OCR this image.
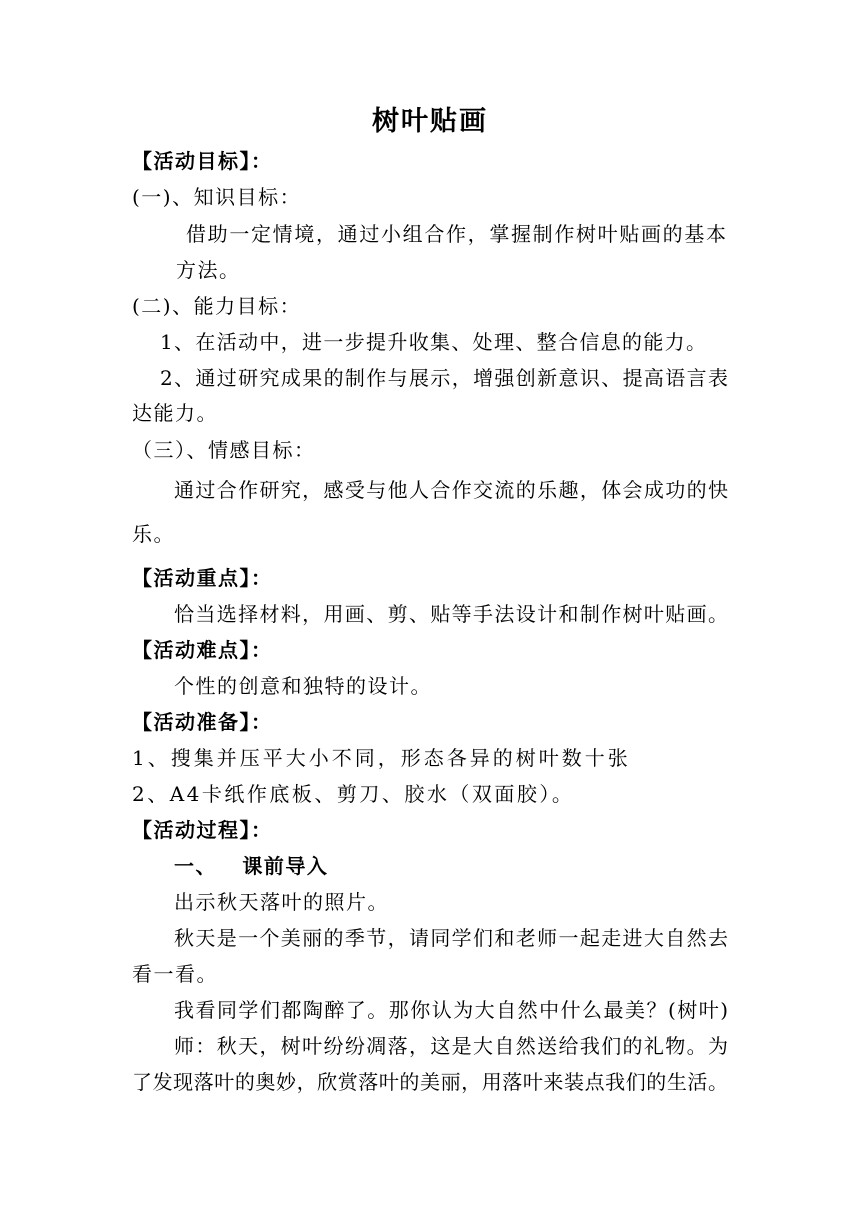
树叶贴画
【活动目标】：
(一)、知识目标：
借助一定情境，通过小组合作，掌握制作树叶贴画的基本
方法。
(二)、能力目标：
1、在活动中，进一步提升收集、处理、整合信息的能力。
2、通过研究成果的制作与展示，增强创新意识、提高语言表
达能力。
（三）、情感目标：
通过合作研究，感受与他人合作交流的乐趣，体会成功的快
乐。
【活动重点】：
恰当选择材料，用画、剪、贴等手法设计和制作树叶贴画。
【活动难点】：
个性的创意和独特的设计。
【活动准备】：
1、搜集并压平大小不同，形态各异的树叶数十张
2、A4卡纸作底板、剪刀、胶水（双面胶）。
【活动过程】：
一、   课前导入
出示秋天落叶的照片。
秋天是一个美丽的季节，请同学们和老师一起走进大自然去
看一看。
我看同学们都陶醉了。那你认为大自然中什么最美？(树叶)
师：秋天，树叶纷纷凋落，这是大自然送给我们的礼物。为
了发现落叶的奥妙，欣赏落叶的美丽，用落叶来装点我们的生活。
